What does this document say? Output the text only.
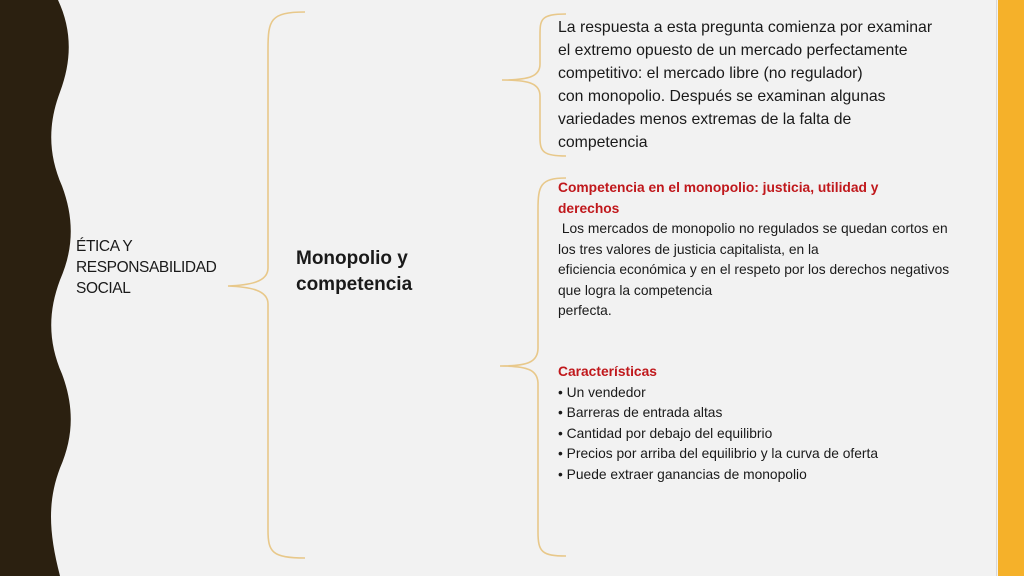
ÉTICA Y
RESPONSABILIDAD
SOCIAL
Monopolio y
competencia
La respuesta a esta pregunta comienza por examinar
el extremo opuesto de un mercado perfectamente
competitivo: el mercado libre (no regulador)
con monopolio. Después se examinan algunas
variedades menos extremas de la falta de
competencia
Competencia en el monopolio: justicia, utilidad y
derechos
Los mercados de monopolio no regulados se quedan cortos en
los tres valores de justicia capitalista, en la
eficiencia económica y en el respeto por los derechos negativos
que logra la competencia
perfecta.
Características
• Un vendedor
• Barreras de entrada altas
• Cantidad por debajo del equilibrio
• Precios por arriba del equilibrio y la curva de oferta
• Puede extraer ganancias de monopolio
